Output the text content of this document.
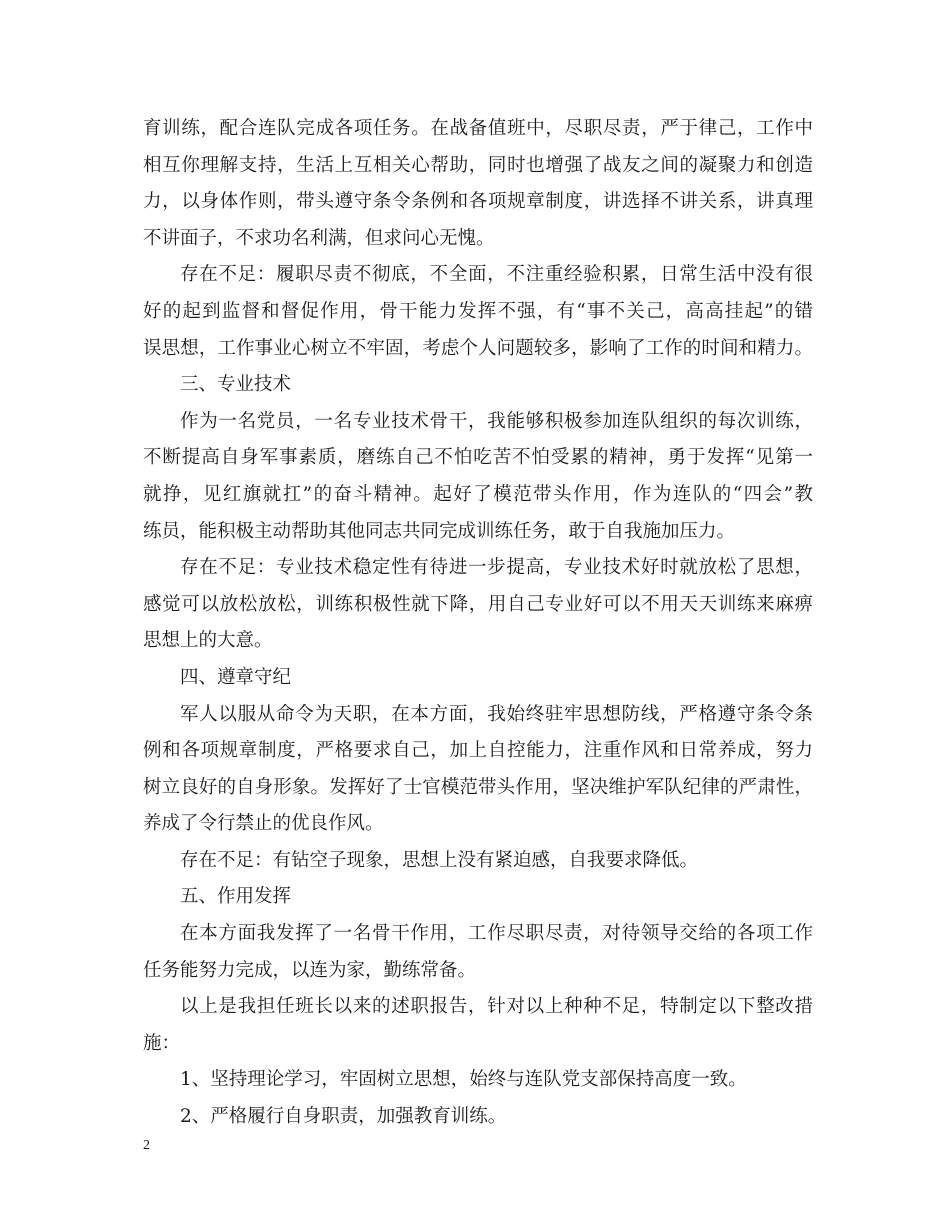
育训练，配合连队完成各项任务。在战备值班中，尽职尽责，严于律己，工作中
相互你理解支持，生活上互相关心帮助，同时也增强了战友之间的凝聚力和创造
力，以身体作则，带头遵守条令条例和各项规章制度，讲选择不讲关系，讲真理
不讲面子，不求功名利满，但求问心无愧。
存在不足：履职尽责不彻底，不全面，不注重经验积累，日常生活中没有很
好的起到监督和督促作用，骨干能力发挥不强，有“事不关己，高高挂起”的错
误思想，工作事业心树立不牢固，考虑个人问题较多，影响了工作的时间和精力。
三、专业技术
作为一名党员，一名专业技术骨干，我能够积极参加连队组织的每次训练，
不断提高自身军事素质，磨练自己不怕吃苦不怕受累的精神，勇于发挥“见第一
就挣，见红旗就扛”的奋斗精神。起好了模范带头作用，作为连队的“四会”教
练员，能积极主动帮助其他同志共同完成训练任务，敢于自我施加压力。
存在不足：专业技术稳定性有待进一步提高，专业技术好时就放松了思想，
感觉可以放松放松，训练积极性就下降，用自己专业好可以不用天天训练来麻痹
思想上的大意。
四、遵章守纪
军人以服从命令为天职，在本方面，我始终驻牢思想防线，严格遵守条令条
例和各项规章制度，严格要求自己，加上自控能力，注重作风和日常养成，努力
树立良好的自身形象。发挥好了士官模范带头作用，坚决维护军队纪律的严肃性，
养成了令行禁止的优良作风。
存在不足：有钻空子现象，思想上没有紧迫感，自我要求降低。
五、作用发挥
在本方面我发挥了一名骨干作用，工作尽职尽责，对待领导交给的各项工作
任务能努力完成，以连为家，勤练常备。
以上是我担任班长以来的述职报告，针对以上种种不足，特制定以下整改措
施：
1、坚持理论学习，牢固树立思想，始终与连队党支部保持高度一致。
2、严格履行自身职责，加强教育训练。
2
